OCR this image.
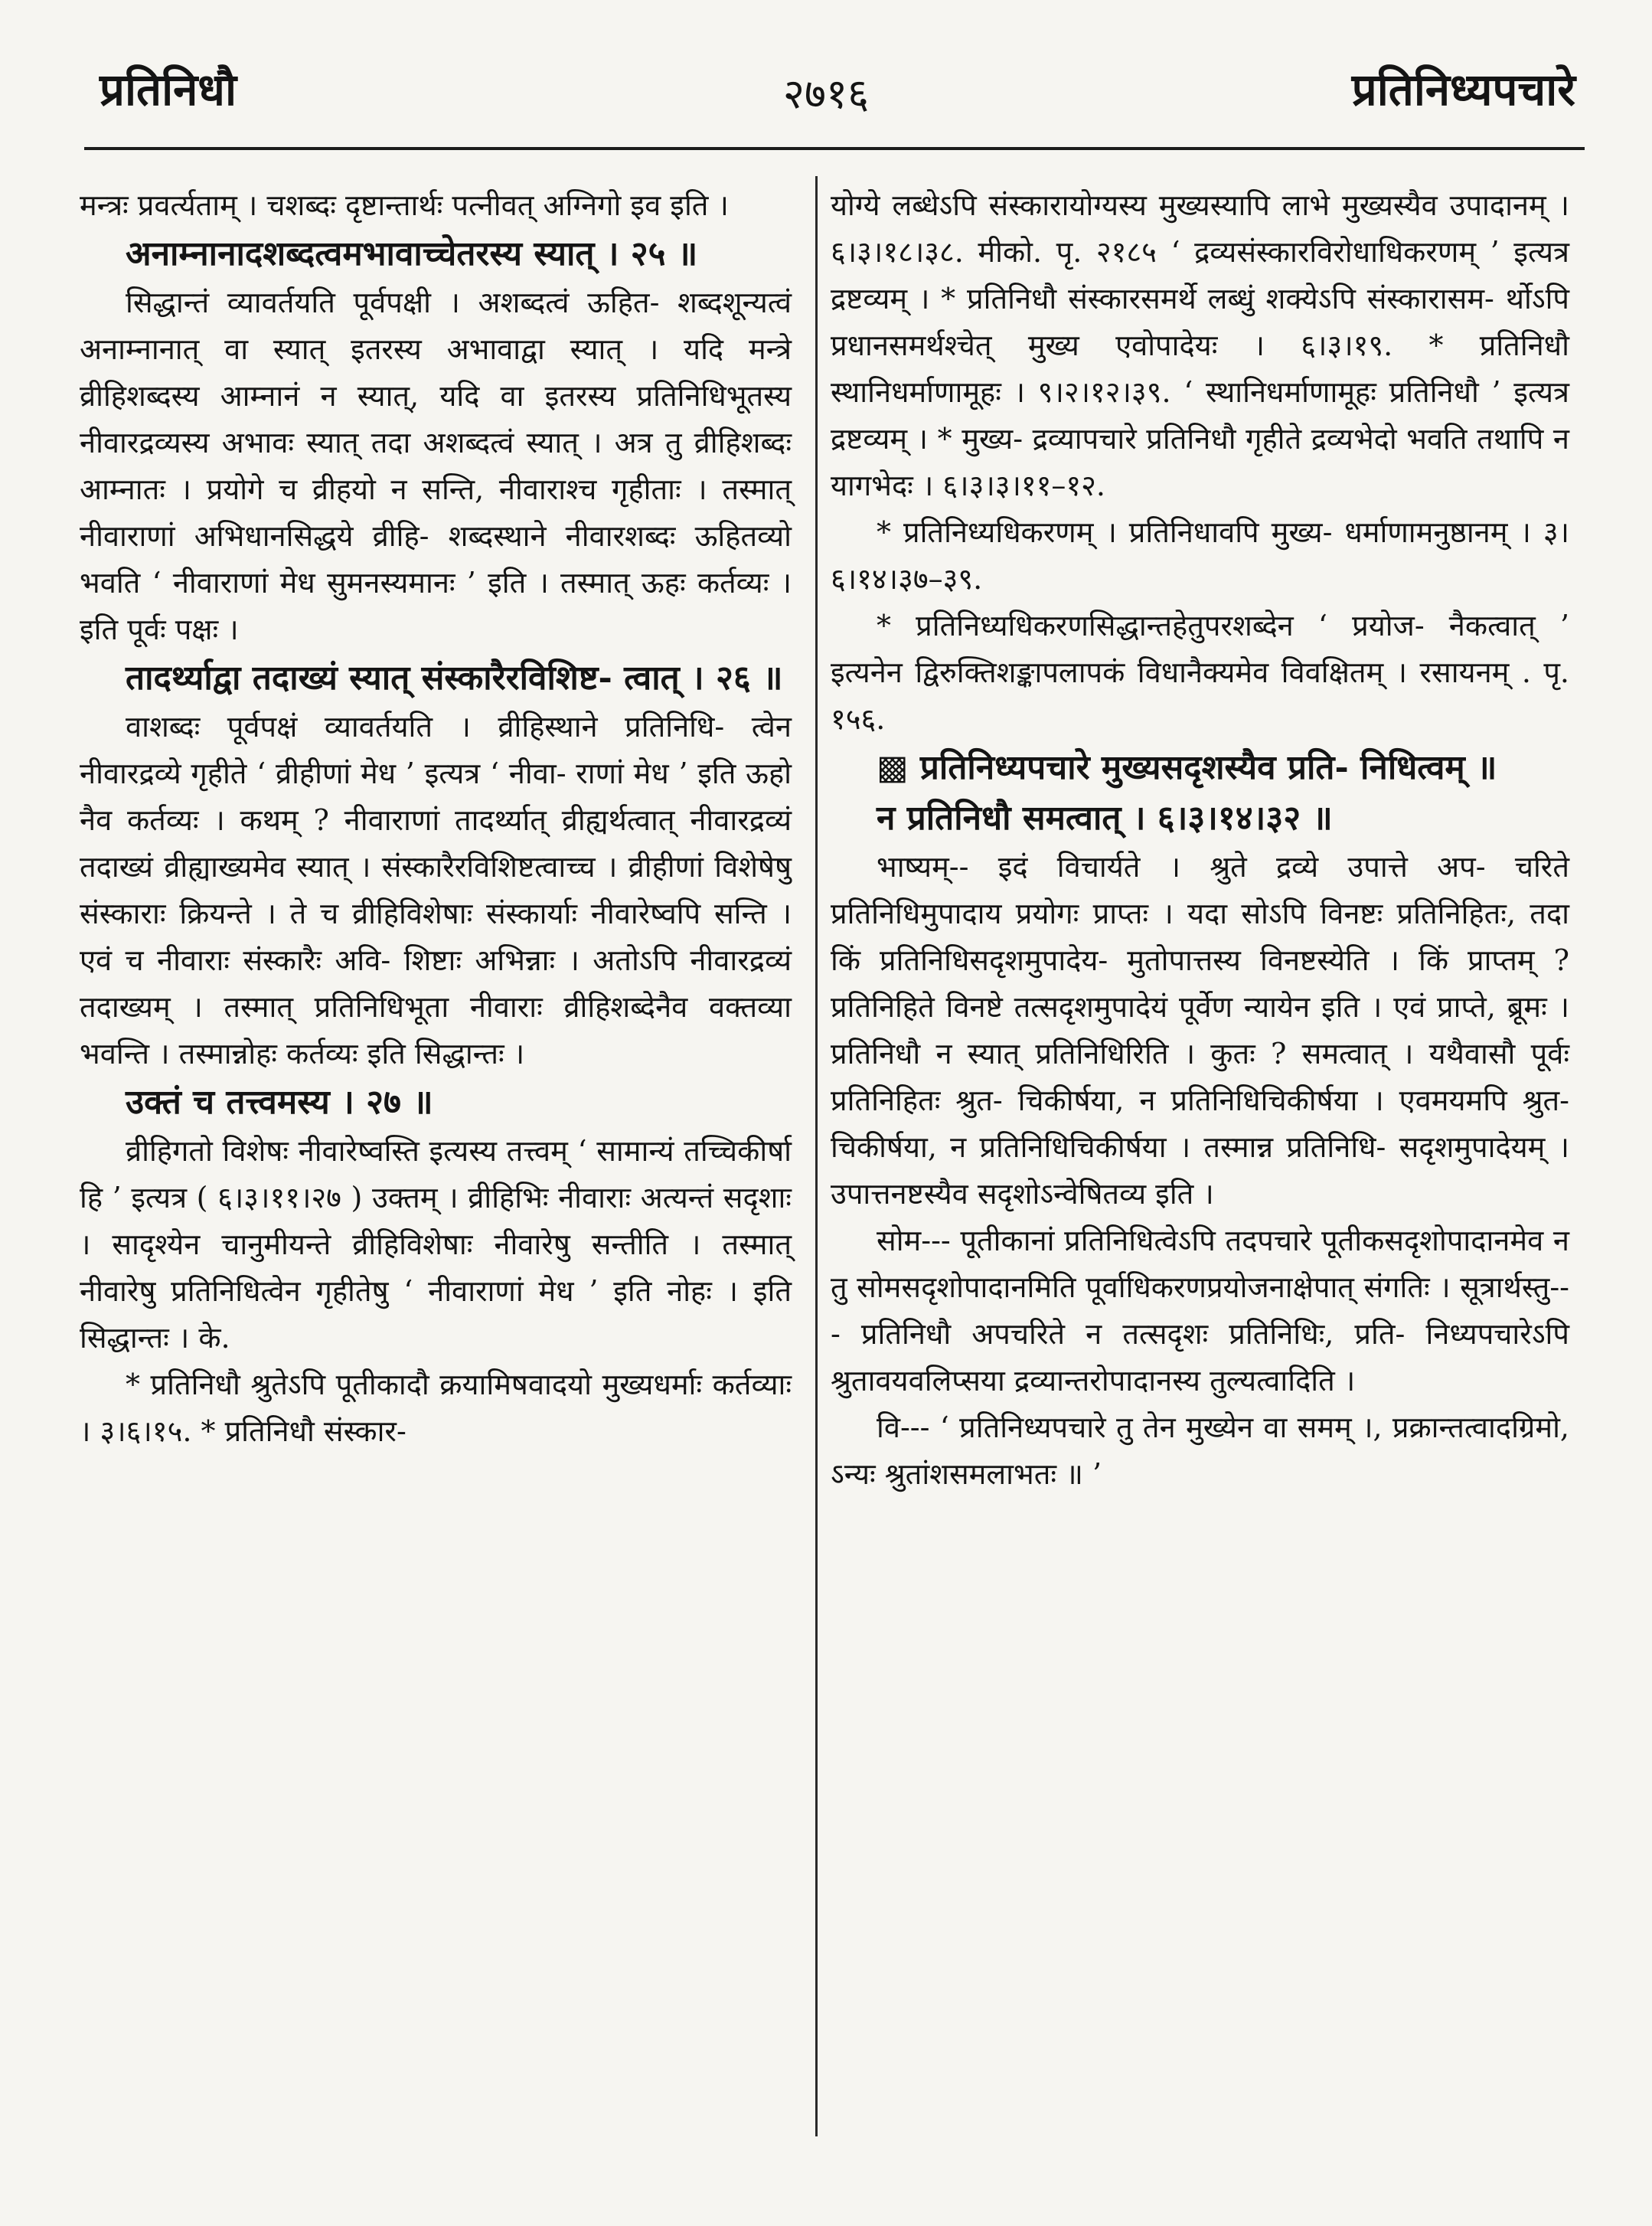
प्रतिनिधौ	२७१६	प्रतिनिध्यपचारे

मन्त्रः प्रवर्त्यताम् । चशब्दः दृष्टान्तार्थः पत्नीवत् अग्निगो इव इति ।

अनाम्नानादशब्दत्वमभावाच्चेतरस्य स्यात् । २५ ॥

सिद्धान्तं व्यावर्तयति पूर्वपक्षी । अशब्दत्वं ऊहित- शब्दशून्यत्वं अनाम्नानात् वा स्यात् इतरस्य अभावाद्वा स्यात् । यदि मन्त्रे व्रीहिशब्दस्य आम्नानं न स्यात्, यदि वा इतरस्य प्रतिनिधिभूतस्य नीवारद्रव्यस्य अभावः स्यात् तदा अशब्दत्वं स्यात् । अत्र तु व्रीहिशब्दः आम्नातः । प्रयोगे च व्रीहयो न सन्ति, नीवाराश्च गृहीताः । तस्मात् नीवाराणां अभिधानसिद्धये व्रीहि- शब्दस्थाने नीवारशब्दः ऊहितव्यो भवति ‘ नीवाराणां मेध सुमनस्यमानः ’ इति । तस्मात् ऊहः कर्तव्यः । इति पूर्वः पक्षः ।

तादर्थ्याद्वा तदाख्यं स्यात् संस्कारैरविशिष्ट- त्वात् । २६ ॥

वाशब्दः पूर्वपक्षं व्यावर्तयति । व्रीहिस्थाने प्रतिनिधि- त्वेन नीवारद्रव्ये गृहीते ‘ व्रीहीणां मेध ’ इत्यत्र ‘ नीवा- राणां मेध ’ इति ऊहो नैव कर्तव्यः । कथम् ? नीवाराणां तादर्थ्यात् व्रीह्यर्थत्वात् नीवारद्रव्यं तदाख्यं व्रीह्याख्यमेव स्यात् । संस्कारैरविशिष्टत्वाच्च । व्रीहीणां विशेषेषु संस्काराः क्रियन्ते । ते च व्रीहिविशेषाः संस्कार्याः नीवारेष्वपि सन्ति । एवं च नीवाराः संस्कारैः अवि- शिष्टाः अभिन्नाः । अतोऽपि नीवारद्रव्यं तदाख्यम् । तस्मात् प्रतिनिधिभूता नीवाराः व्रीहिशब्देनैव वक्तव्या भवन्ति । तस्मान्नोहः कर्तव्यः इति सिद्धान्तः ।

उक्तं च तत्त्वमस्य । २७ ॥

व्रीहिगतो विशेषः नीवारेष्वस्ति इत्यस्य तत्त्वम् ‘ सामान्यं तच्चिकीर्षा हि ’ इत्यत्र ( ६।३।११।२७ ) उक्तम् । व्रीहिभिः नीवाराः अत्यन्तं सदृशाः । सादृश्येन चानुमीयन्ते व्रीहिविशेषाः नीवारेषु सन्तीति । तस्मात् नीवारेषु प्रतिनिधित्वेन गृहीतेषु ‘ नीवाराणां मेध ’ इति नोहः । इति सिद्धान्तः । के.

* प्रतिनिधौ श्रुतेऽपि पूतीकादौ क्रयामिषवादयो मुख्यधर्माः कर्तव्याः । ३।६।१५. * प्रतिनिधौ संस्कार-

योग्ये लब्धेऽपि संस्कारायोग्यस्य मुख्यस्यापि लाभे मुख्यस्यैव उपादानम् । ६।३।१८।३८. मीको. पृ. २१८५ ‘ द्रव्यसंस्कारविरोधाधिकरणम् ’ इत्यत्र द्रष्टव्यम् । * प्रतिनिधौ संस्कारसमर्थे लब्धुं शक्येऽपि संस्कारासम- र्थोऽपि प्रधानसमर्थश्चेत् मुख्य एवोपादेयः । ६।३।१९. * प्रतिनिधौ स्थानिधर्माणामूहः । ९।२।१२।३९. ‘ स्थानिधर्माणामूहः प्रतिनिधौ ’ इत्यत्र द्रष्टव्यम् । * मुख्य- द्रव्यापचारे प्रतिनिधौ गृहीते द्रव्यभेदो भवति तथापि न यागभेदः । ६।३।३।११–१२.

* प्रतिनिध्यधिकरणम् । प्रतिनिधावपि मुख्य- धर्माणामनुष्ठानम् । ३।६।१४।३७–३९.

* प्रतिनिध्यधिकरणसिद्धान्तहेतुपरशब्देन ‘ प्रयोज- नैकत्वात् ’ इत्यनेन द्विरुक्तिशङ्कापलापकं विधानैक्यमेव विवक्षितम् । रसायनम् . पृ. १५६.

▩ प्रतिनिध्यपचारे मुख्यसदृशस्यैव प्रति- निधित्वम् ॥

न प्रतिनिधौ समत्वात् । ६।३।१४।३२ ॥

भाष्यम्-- इदं विचार्यते । श्रुते द्रव्ये उपात्ते अप- चरिते प्रतिनिधिमुपादाय प्रयोगः प्राप्तः । यदा सोऽपि विनष्टः प्रतिनिहितः, तदा किं प्रतिनिधिसदृशमुपादेय- मुतोपात्तस्य विनष्टस्येति । किं प्राप्तम् ? प्रतिनिहिते विनष्टे तत्सदृशमुपादेयं पूर्वेण न्यायेन इति । एवं प्राप्ते, ब्रूमः । प्रतिनिधौ न स्यात् प्रतिनिधिरिति । कुतः ? समत्वात् । यथैवासौ पूर्वः प्रतिनिहितः श्रुत- चिकीर्षया, न प्रतिनिधिचिकीर्षया । एवमयमपि श्रुत- चिकीर्षया, न प्रतिनिधिचिकीर्षया । तस्मान्न प्रतिनिधि- सदृशमुपादेयम् । उपात्तनष्टस्यैव सदृशोऽन्वेषितव्य इति ।

सोम--- पूतीकानां प्रतिनिधित्वेऽपि तदपचारे पूतीकसदृशोपादानमेव न तु सोमसदृशोपादानमिति पूर्वाधिकरणप्रयोजनाक्षेपात् संगतिः । सूत्रार्थस्तु--- प्रतिनिधौ अपचरिते न तत्सदृशः प्रतिनिधिः, प्रति- निध्यपचारेऽपि श्रुतावयवलिप्सया द्रव्यान्तरोपादानस्य तुल्यत्वादिति ।

वि--- ‘ प्रतिनिध्यपचारे तु तेन मुख्येन वा समम् ।, प्रक्रान्तत्वादग्रिमो, ऽन्यः श्रुतांशसमलाभतः ॥ ’
